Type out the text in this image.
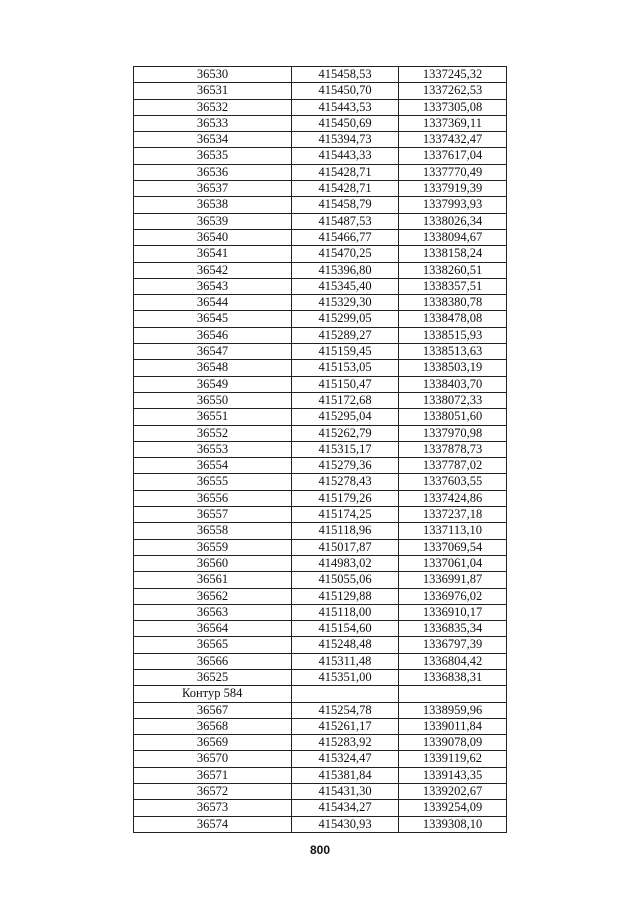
36530	415458,53	1337245,32
36531	415450,70	1337262,53
36532	415443,53	1337305,08
36533	415450,69	1337369,11
36534	415394,73	1337432,47
36535	415443,33	1337617,04
36536	415428,71	1337770,49
36537	415428,71	1337919,39
36538	415458,79	1337993,93
36539	415487,53	1338026,34
36540	415466,77	1338094,67
36541	415470,25	1338158,24
36542	415396,80	1338260,51
36543	415345,40	1338357,51
36544	415329,30	1338380,78
36545	415299,05	1338478,08
36546	415289,27	1338515,93
36547	415159,45	1338513,63
36548	415153,05	1338503,19
36549	415150,47	1338403,70
36550	415172,68	1338072,33
36551	415295,04	1338051,60
36552	415262,79	1337970,98
36553	415315,17	1337878,73
36554	415279,36	1337787,02
36555	415278,43	1337603,55
36556	415179,26	1337424,86
36557	415174,25	1337237,18
36558	415118,96	1337113,10
36559	415017,87	1337069,54
36560	414983,02	1337061,04
36561	415055,06	1336991,87
36562	415129,88	1336976,02
36563	415118,00	1336910,17
36564	415154,60	1336835,34
36565	415248,48	1336797,39
36566	415311,48	1336804,42
36525	415351,00	1336838,31
Контур 584		
36567	415254,78	1338959,96
36568	415261,17	1339011,84
36569	415283,92	1339078,09
36570	415324,47	1339119,62
36571	415381,84	1339143,35
36572	415431,30	1339202,67
36573	415434,27	1339254,09
36574	415430,93	1339308,10
800
